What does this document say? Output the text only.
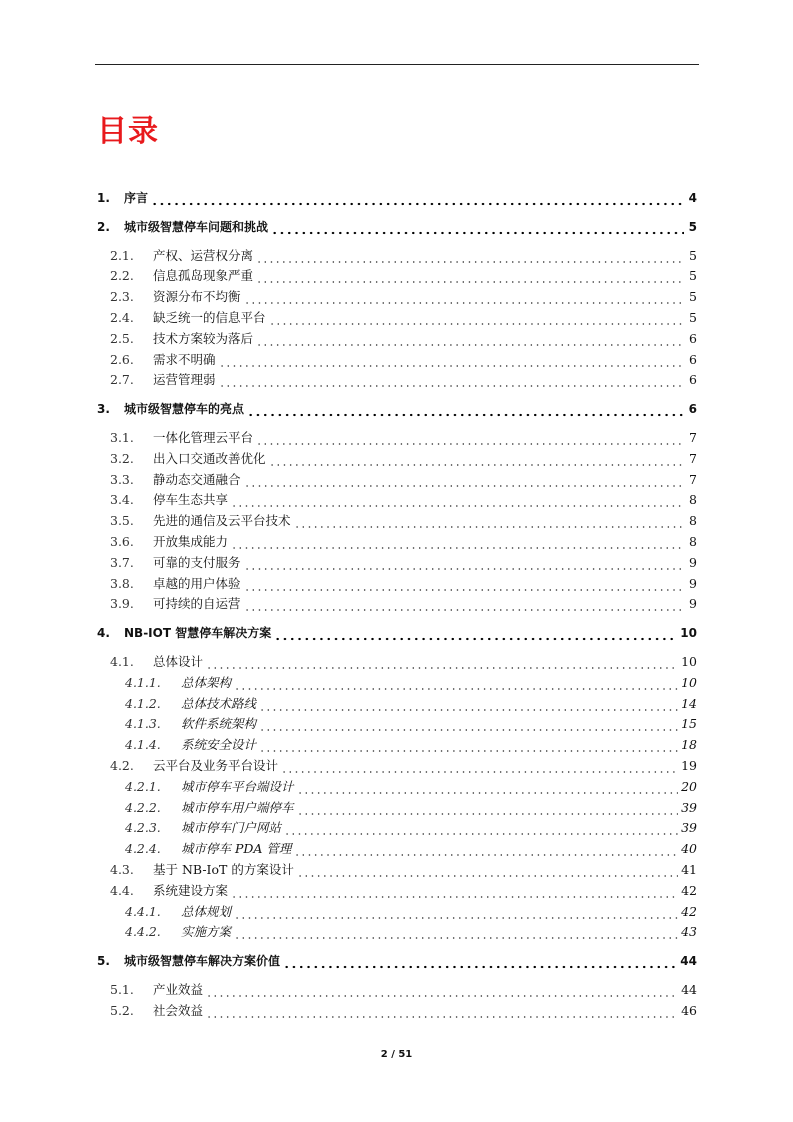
目录
1.	序言	4
2.	城市级智慧停车问题和挑战	5
2.1.	产权、运营权分离	5
2.2.	信息孤岛现象严重	5
2.3.	资源分布不均衡	5
2.4.	缺乏统一的信息平台	5
2.5.	技术方案较为落后	6
2.6.	需求不明确	6
2.7.	运营管理弱	6
3.	城市级智慧停车的亮点	6
3.1.	一体化管理云平台	7
3.2.	出入口交通改善优化	7
3.3.	静动态交通融合	7
3.4.	停车生态共享	8
3.5.	先进的通信及云平台技术	8
3.6.	开放集成能力	8
3.7.	可靠的支付服务	9
3.8.	卓越的用户体验	9
3.9.	可持续的自运营	9
4.	NB-IOT 智慧停车解决方案	10
4.1.	总体设计	10
4.1.1.	总体架构	10
4.1.2.	总体技术路线	14
4.1.3.	软件系统架构	15
4.1.4.	系统安全设计	18
4.2.	云平台及业务平台设计	19
4.2.1.	城市停车平台端设计	20
4.2.2.	城市停车用户端停车	39
4.2.3.	城市停车门户网站	39
4.2.4.	城市停车 PDA 管理	40
4.3.	基于 NB-IoT 的方案设计	41
4.4.	系统建设方案	42
4.4.1.	总体规划	42
4.4.2.	实施方案	43
5.	城市级智慧停车解决方案价值	44
5.1.	产业效益	44
5.2.	社会效益	46
2 / 51
